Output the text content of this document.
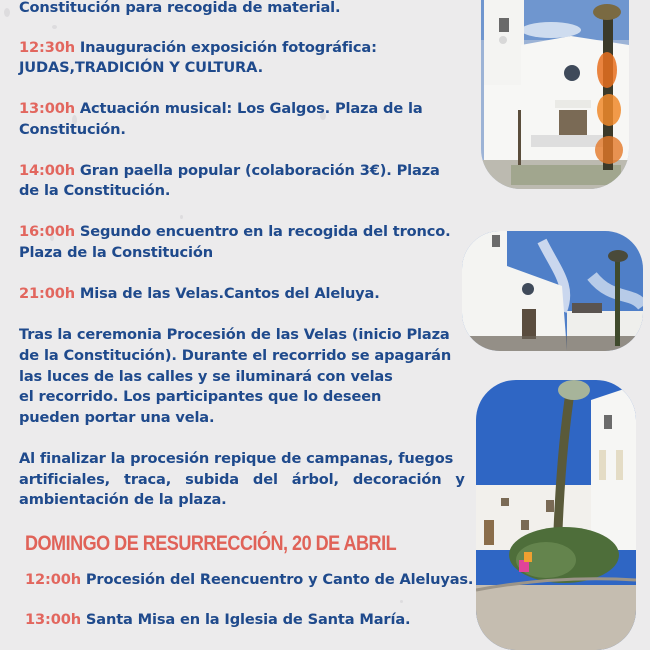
Constitución para recogida de material.
12:30h Inauguración exposición fotográfica:
JUDAS,TRADICIÓN Y CULTURA.
13:00h Actuación musical: Los Galgos. Plaza de la
Constitución.
14:00h Gran paella popular (colaboración 3€). Plaza
de la Constitución.
16:00h Segundo encuentro en la recogida del tronco.
Plaza de la Constitución
21:00h Misa de las Velas.Cantos del Aleluya.
Tras la ceremonia Procesión de las Velas (inicio Plaza
de la Constitución). Durante el recorrido se apagarán
las luces de las calles y se iluminará con velas
el recorrido. Los participantes que lo deseen
pueden portar una vela.
Al finalizar la procesión repique de campanas, fuegos
artificiales, traca, subida del árbol, decoración y
ambientación de la plaza.
DOMINGO DE RESURRECCIÓN, 20 DE ABRIL
12:00h Procesión del Reencuentro y Canto de Aleluyas.
13:00h Santa Misa en la Iglesia de Santa María.
